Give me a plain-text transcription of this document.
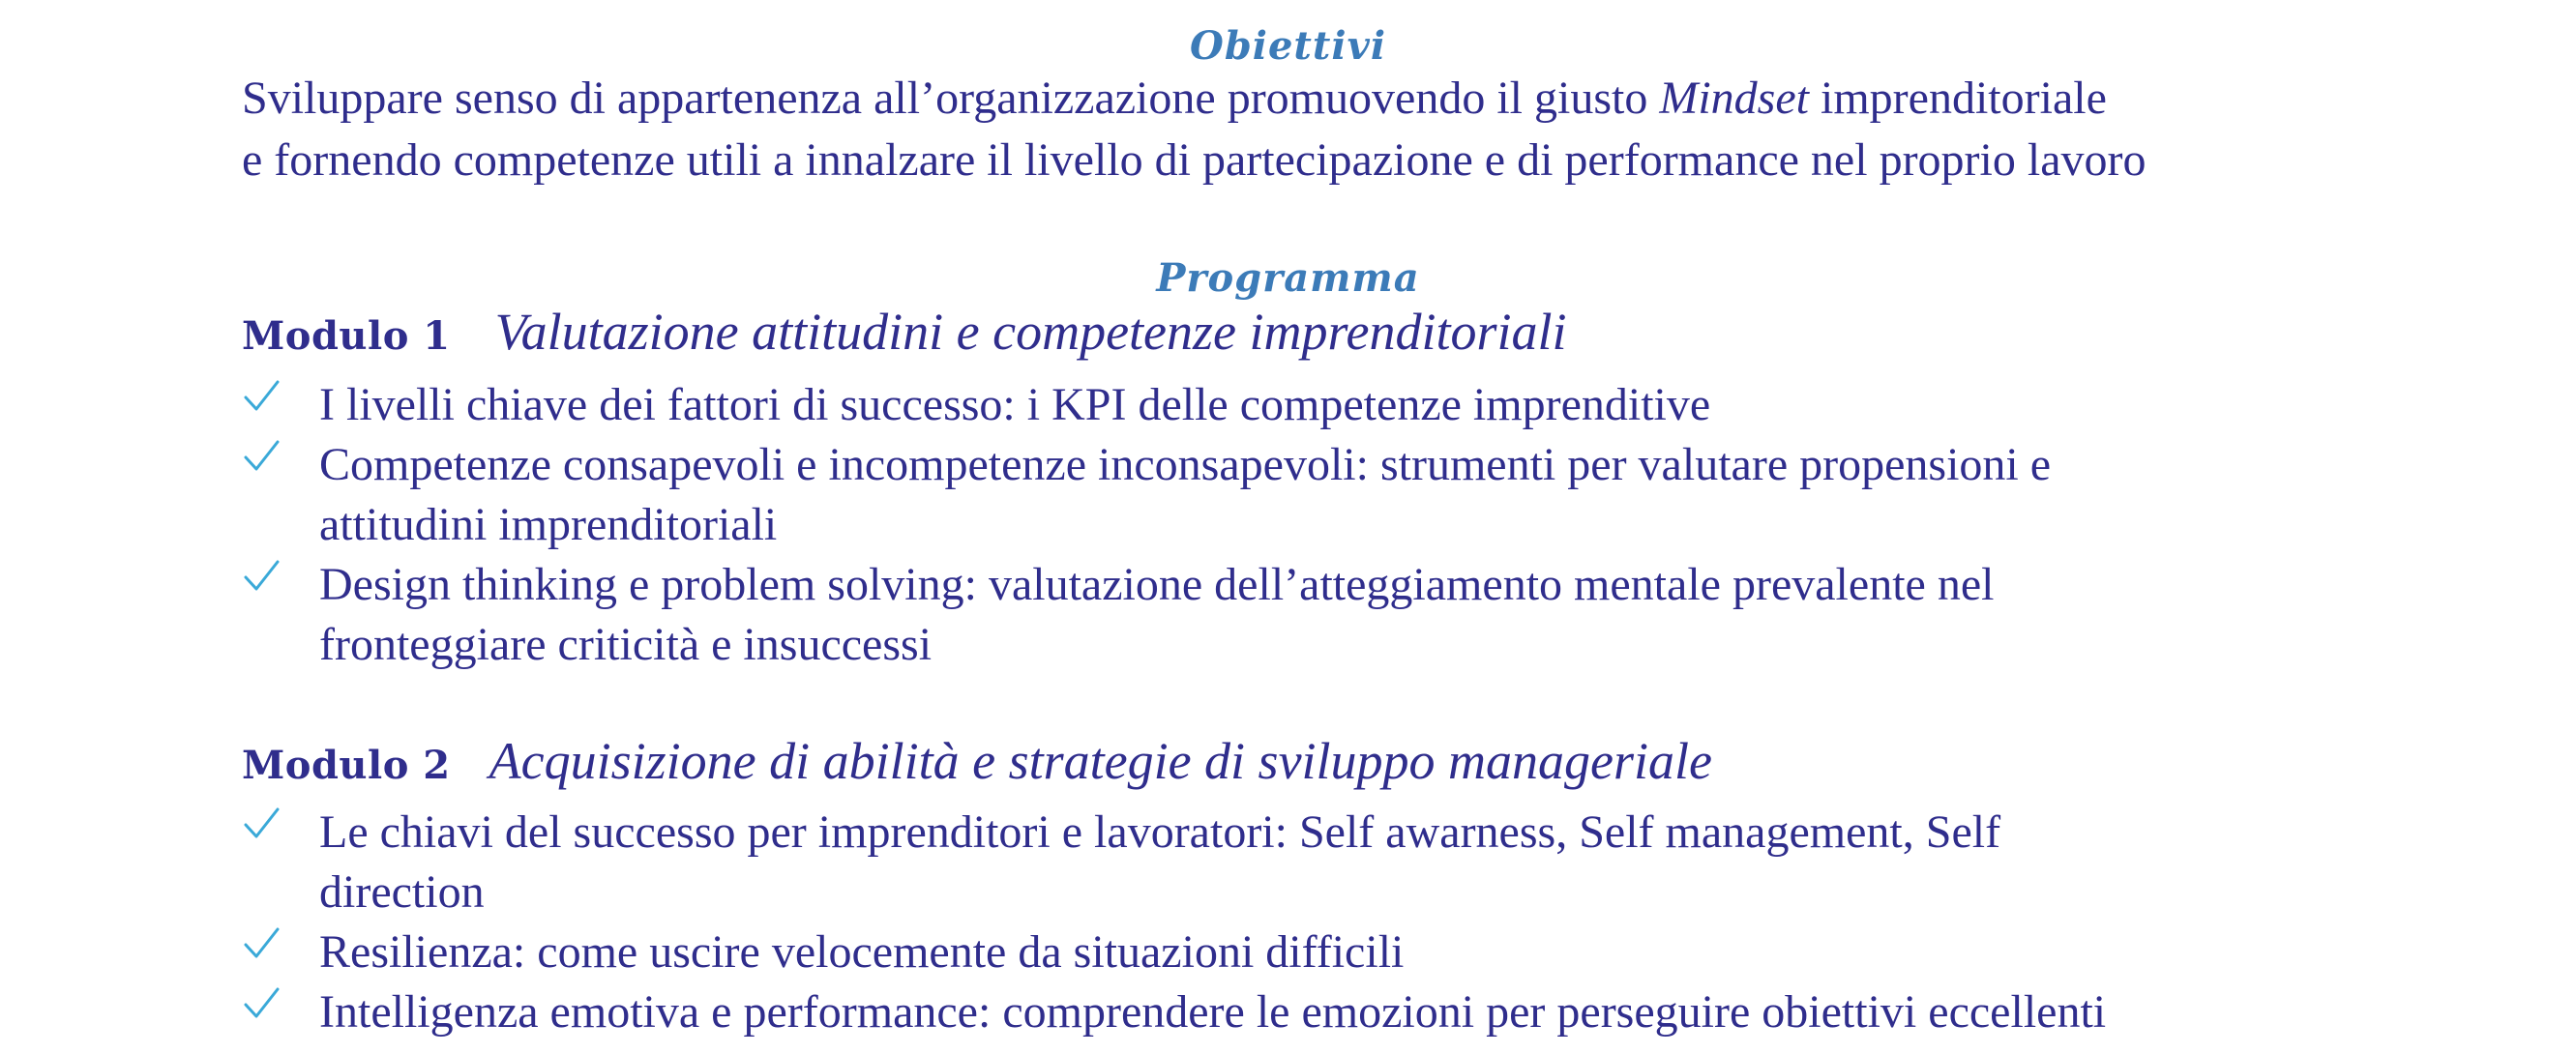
Obiettivi
Sviluppare senso di appartenenza all’organizzazione promuovendo il giusto Mindset imprenditoriale
e fornendo competenze utili a innalzare il livello di partecipazione e di performance nel proprio lavoro
Programma
Modulo 1 Valutazione attitudini e competenze imprenditoriali
I livelli chiave dei fattori di successo: i KPI delle competenze imprenditive
Competenze consapevoli e incompetenze inconsapevoli: strumenti per valutare propensioni e
attitudini imprenditoriali
Design thinking e problem solving: valutazione dell’atteggiamento mentale prevalente nel
fronteggiare criticità e insuccessi
Modulo 2 Acquisizione di abilità e strategie di sviluppo manageriale
Le chiavi del successo per imprenditori e lavoratori: Self awarness, Self management, Self
direction
Resilienza: come uscire velocemente da situazioni difficili
Intelligenza emotiva e performance: comprendere le emozioni per perseguire obiettivi eccellenti
